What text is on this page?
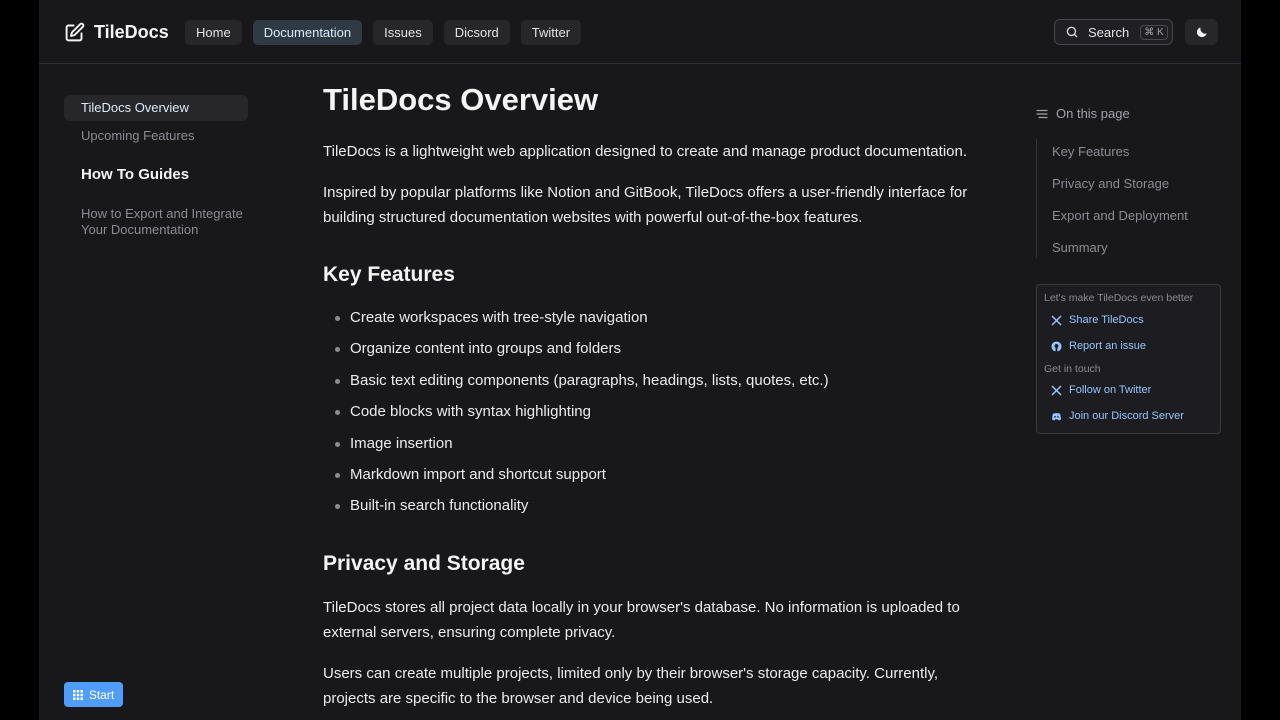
TileDocs	Home	Documentation	Issues	Dicsord	Twitter	Search	⌘ K
TileDocs Overview
Upcoming Features
How To Guides
How to Export and Integrate
Your Documentation
Start
TileDocs Overview

TileDocs is a lightweight web application designed to create and manage product documentation.

Inspired by popular platforms like Notion and GitBook, TileDocs offers a user-friendly interface for building structured documentation websites with powerful out-of-the-box features.

Key Features
Create workspaces with tree-style navigation
Organize content into groups and folders
Basic text editing components (paragraphs, headings, lists, quotes, etc.)
Code blocks with syntax highlighting
Image insertion
Markdown import and shortcut support
Built-in search functionality
Privacy and Storage

TileDocs stores all project data locally in your browser's database. No information is uploaded to external servers, ensuring complete privacy.

Users can create multiple projects, limited only by their browser's storage capacity. Currently, projects are specific to the browser and device being used.

On this page
Key Features
Privacy and Storage
Export and Deployment
Summary
Let's make TileDocs even better
Share TileDocs
Report an issue
Get in touch
Follow on Twitter
Join our Discord Server
